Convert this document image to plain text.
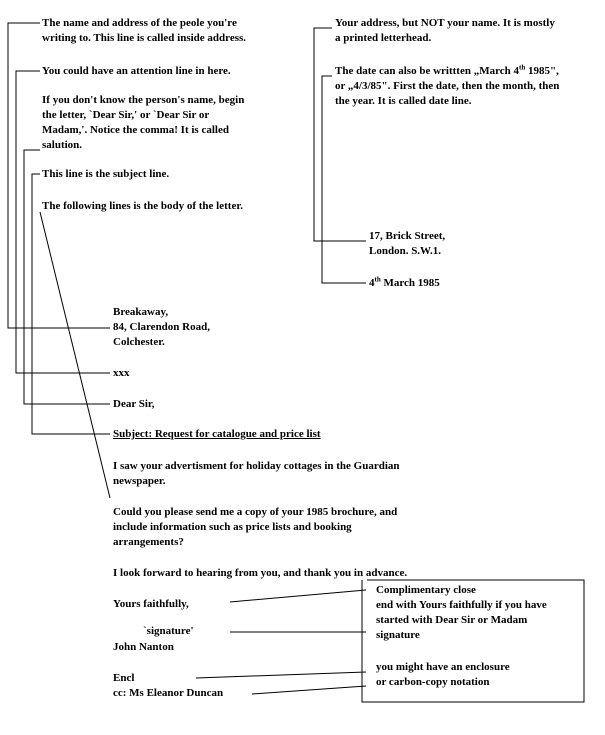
The name and address of the peole you're
writing to. This line is called inside address.
You could have an attention line in here.
If you don't know the person's name, begin
the letter, `Dear Sir,' or `Dear Sir or
Madam,'. Notice the comma! It is called
salution.
This line is the subject line.
The following lines is the body of the letter.
Your address, but NOT your name. It is mostly
a printed letterhead.
The date can also be writtten „March 4th 1985",
or „4/3/85". First the date, then the month, then
the year. It is called date line.
17, Brick Street,
London. S.W.1.
4th March 1985
Breakaway,
84, Clarendon Road,
Colchester.
xxx
Dear Sir,
Subject: Request for catalogue and price list
I saw your advertisment for holiday cottages in the Guardian
newspaper.
Could you please send me a copy of your 1985 brochure, and
include information such as price lists and booking
arrangements?
I look forward to hearing from you, and thank you in advance.
Yours faithfully,
`signature'
John Nanton
Encl
cc: Ms Eleanor Duncan
Complimentary close
end with Yours faithfully if you have
started with Dear Sir or Madam
signature
you might have an enclosure
or carbon-copy notation
